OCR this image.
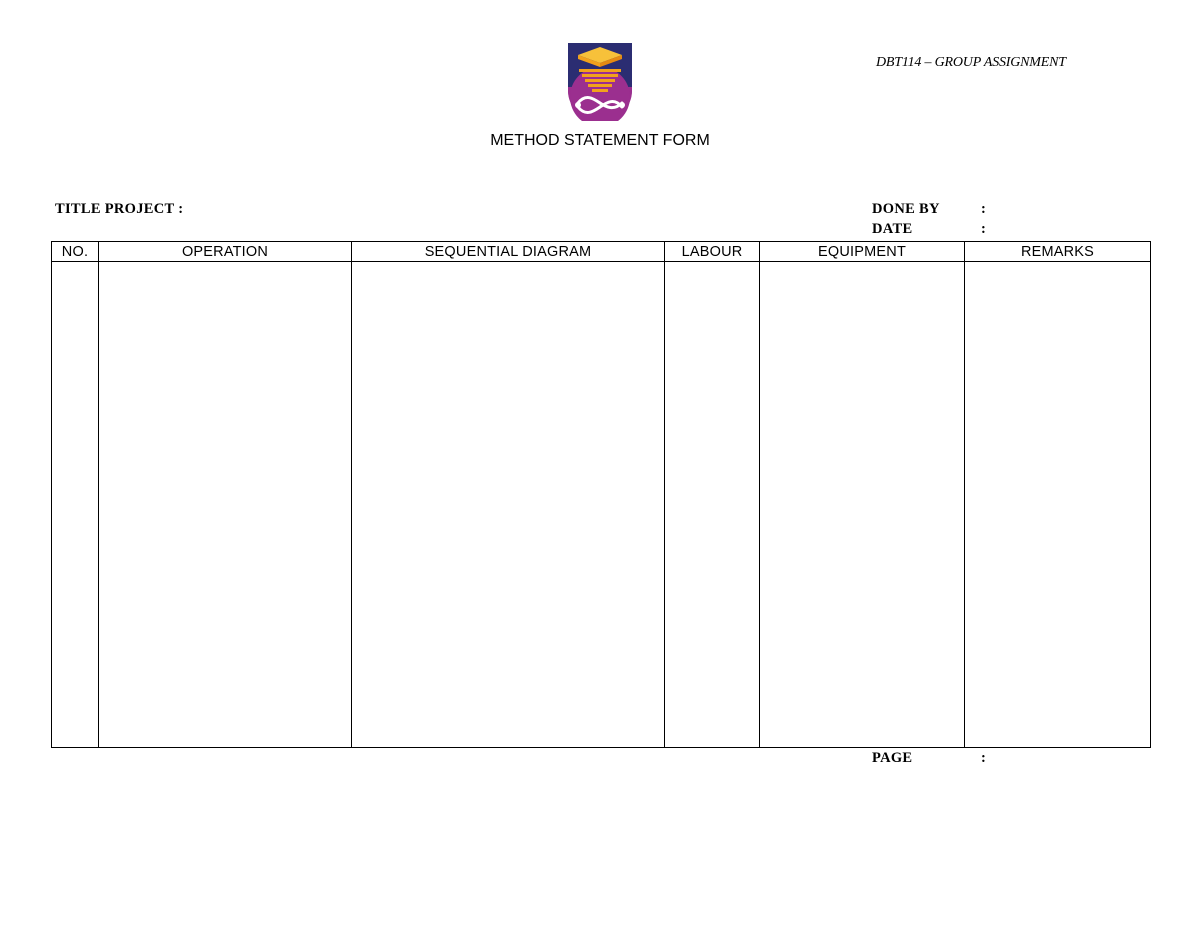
DBT114 – GROUP ASSIGNMENT
METHOD STATEMENT FORM
TITLE PROJECT :	DONE BY	:
DATE	:
NO.	OPERATION	SEQUENTIAL DIAGRAM	LABOUR	EQUIPMENT	REMARKS

PAGE	:
